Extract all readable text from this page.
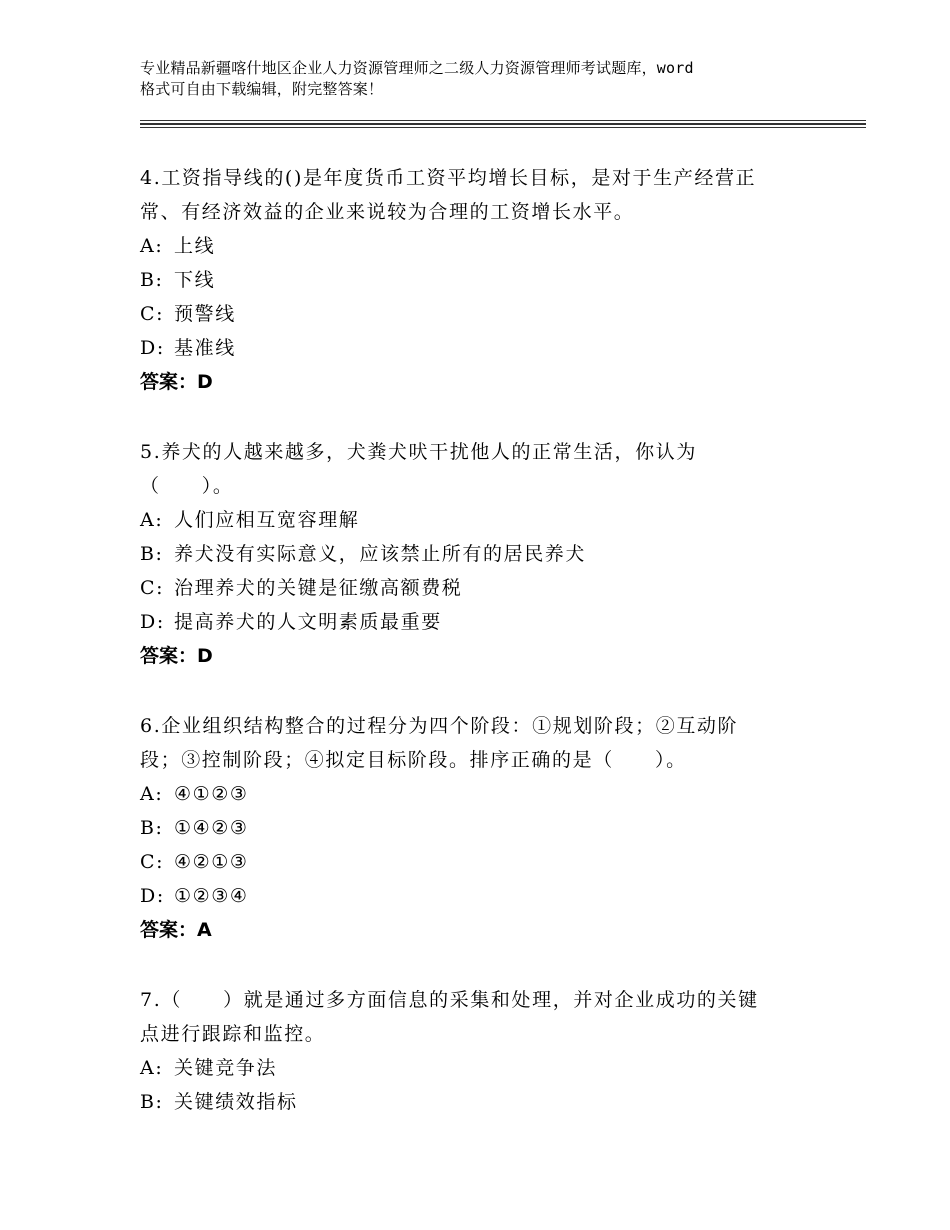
专业精品新疆喀什地区企业人力资源管理师之二级人力资源管理师考试题库，word
格式可自由下载编辑，附完整答案！

4.工资指导线的()是年度货币工资平均增长目标，是对于生产经营正
常、有经济效益的企业来说较为合理的工资增长水平。

A: 上线

B: 下线

C: 预警线

D: 基准线

答案：D

5.养犬的人越来越多，犬粪犬吠干扰他人的正常生活，你认为
（　　）。

A: 人们应相互宽容理解

B: 养犬没有实际意义，应该禁止所有的居民养犬

C: 治理养犬的关键是征缴高额费税

D: 提高养犬的人文明素质最重要

答案：D

6.企业组织结构整合的过程分为四个阶段：①规划阶段；②互动阶
段；③控制阶段；④拟定目标阶段。排序正确的是（　　）。

A: ④①②③

B: ①④②③

C: ④②①③

D: ①②③④

答案：A

7.（　　）就是通过多方面信息的采集和处理，并对企业成功的关键
点进行跟踪和监控。

A: 关键竞争法

B: 关键绩效指标
